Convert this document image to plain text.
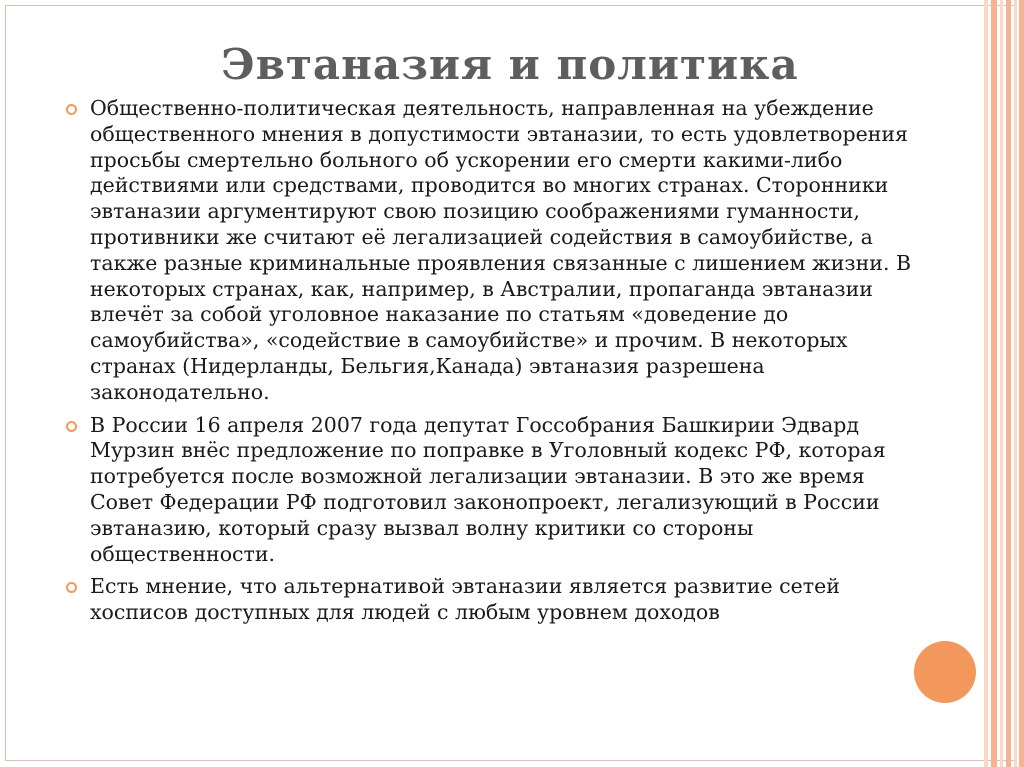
Эвтаназия и политика
Общественно-политическая деятельность, направленная на убеждение общественного мнения в допустимости эвтаназии, то есть удовлетворения просьбы смертельно больного об ускорении его смерти какими-либо действиями или средствами, проводится во многих странах. Сторонники эвтаназии аргументируют свою позицию соображениями гуманности, противники же считают её легализацией содействия в самоубийстве, а также разные криминальные проявления связанные с лишением жизни. В некоторых странах, как, например, в Австралии, пропаганда эвтаназии влечёт за собой уголовное наказание по статьям «доведение до самоубийства», «содействие в самоубийстве» и прочим. В некоторых странах (Нидерланды, Бельгия,Канада) эвтаназия разрешена законодательно.
В России 16 апреля 2007 года депутат Госсобрания Башкирии Эдвард Мурзин внёс предложение по поправке в Уголовный кодекс РФ, которая потребуется после возможной легализации эвтаназии. В это же время Совет Федерации РФ подготовил законопроект, легализующий в России эвтаназию, который сразу вызвал волну критики со стороны общественности.
Есть мнение, что альтернативой эвтаназии является развитие сетей хосписов доступных для людей с любым уровнем доходов
